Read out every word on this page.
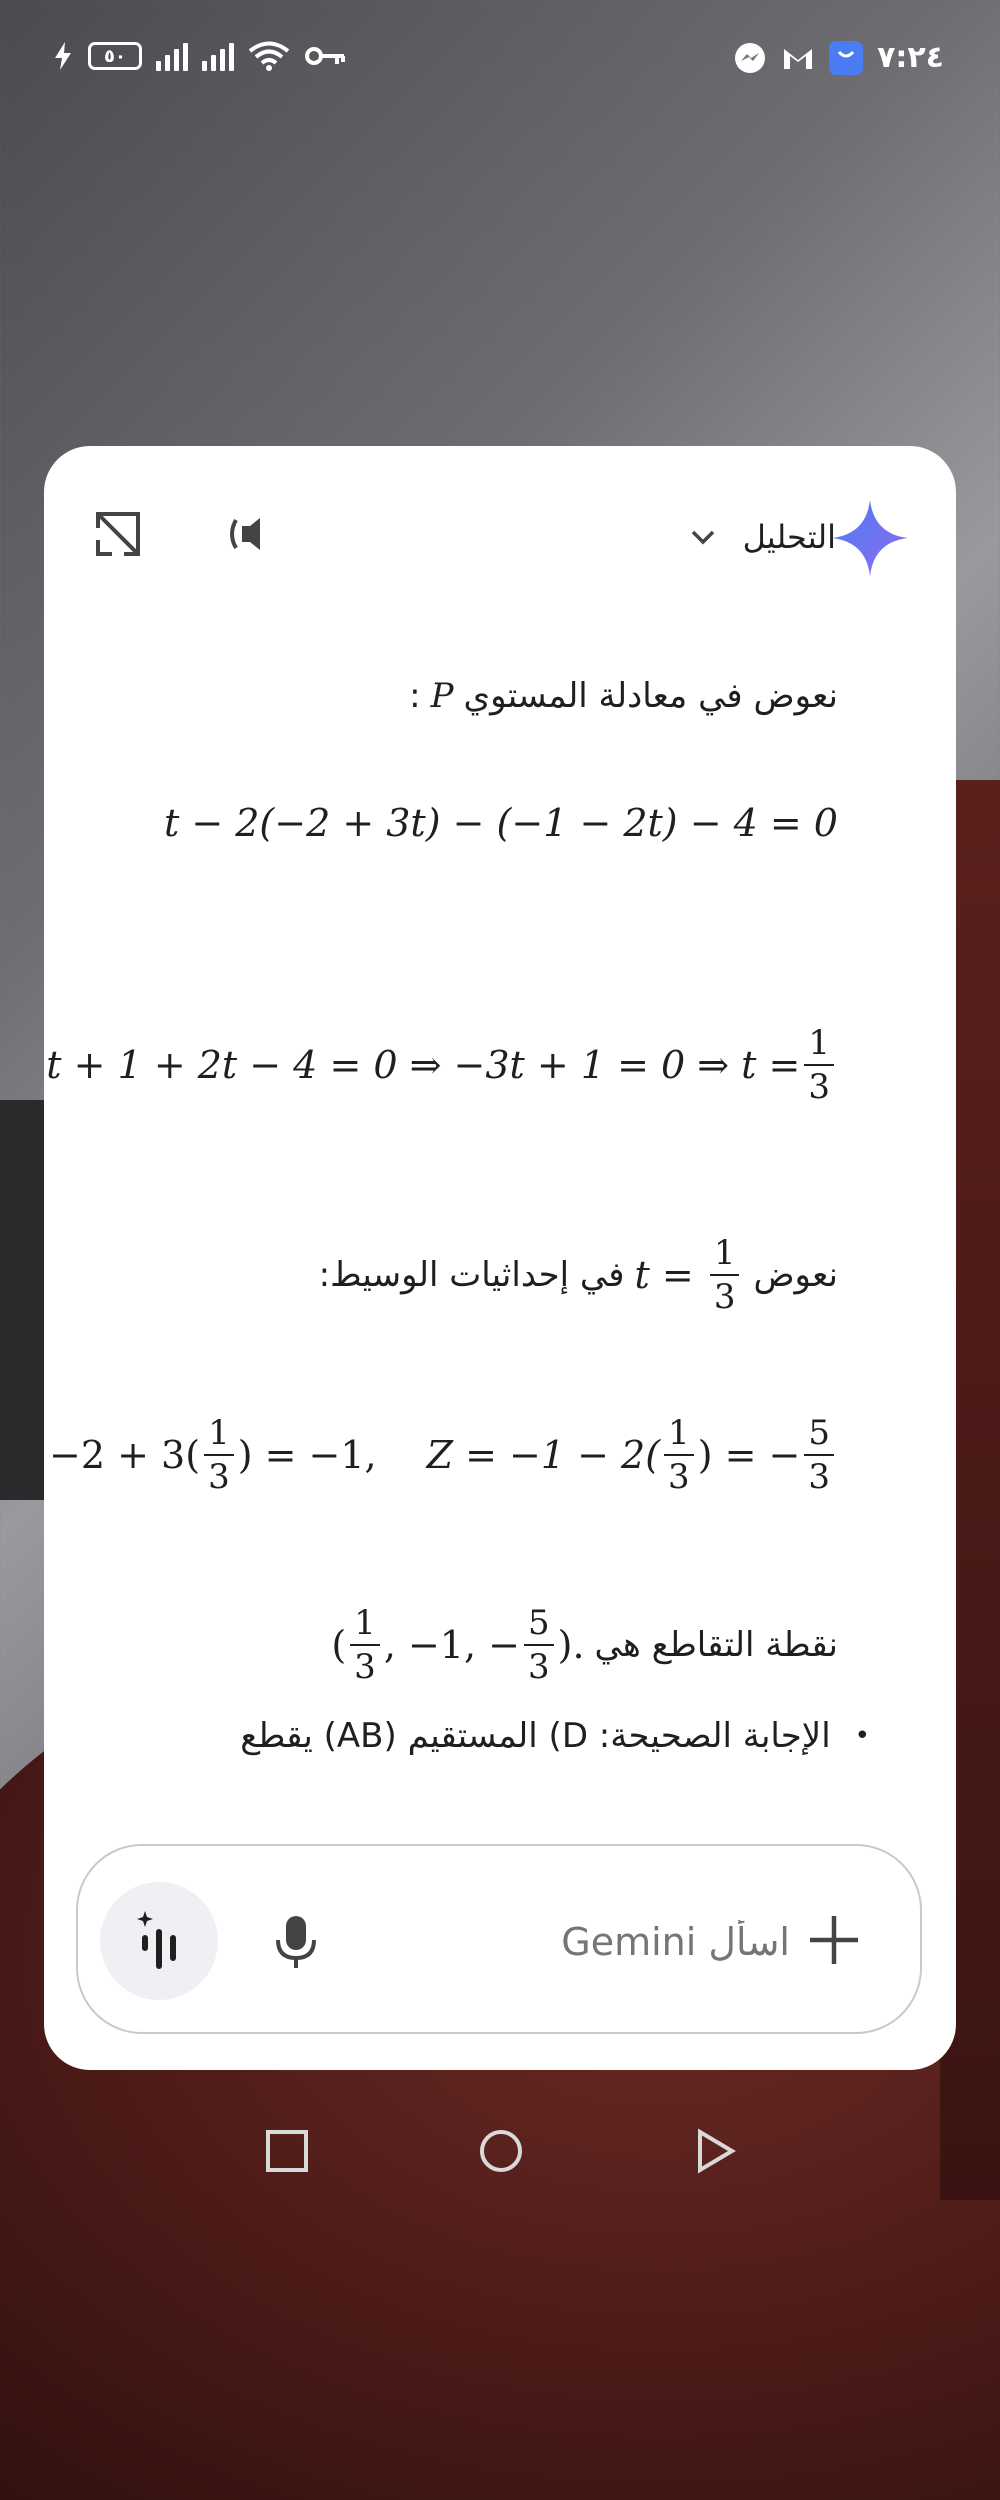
٥٠	٧:٢٤
التحليل
نعوض في معادلة المستوي
P
:
t − 2(−2 + 3t) − (−1 − 2t) − 4 = 0
t + 1 + 2t − 4 = 0 ⇒ −3t + 1 = 0 ⇒ $t = \frac{1}{3}$
نعوض
$t = \frac{1}{3}$
في إحداثيات الوسيط:
$-2 + 3( \frac{1}{3}$ ) = −1, $Z = -1 - 2( \frac{1}{3}$ ) = − $\frac{5}{3}$
نقطة التقاطع هي
( $\frac{1}{3}$ , −1, − $\frac{5}{3}$ ).
•
الإجابة الصحيحة: D) المستقيم (AB) يقطع
اسأل Gemini
